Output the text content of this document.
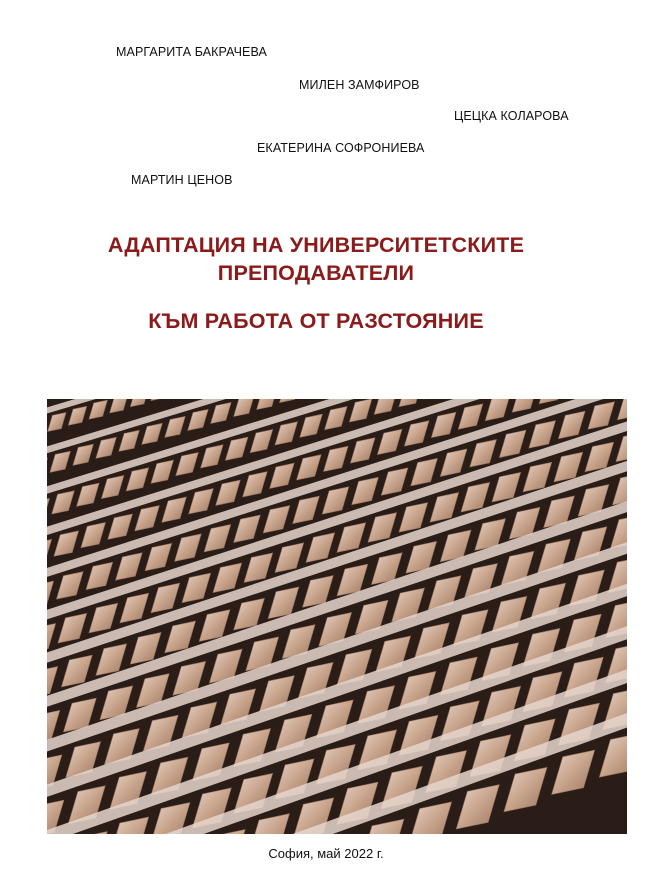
МАРГАРИТА БАКРАЧЕВА
МИЛЕН ЗАМФИРОВ
ЦЕЦКА КОЛАРОВА
ЕКАТЕРИНА СОФРОНИЕВА
МАРТИН ЦЕНОВ
АДАПТАЦИЯ НА УНИВЕРСИТЕТСКИТЕ
ПРЕПОДАВАТЕЛИ
КЪМ РАБОТА ОТ РАЗСТОЯНИЕ
София, май 2022 г.
